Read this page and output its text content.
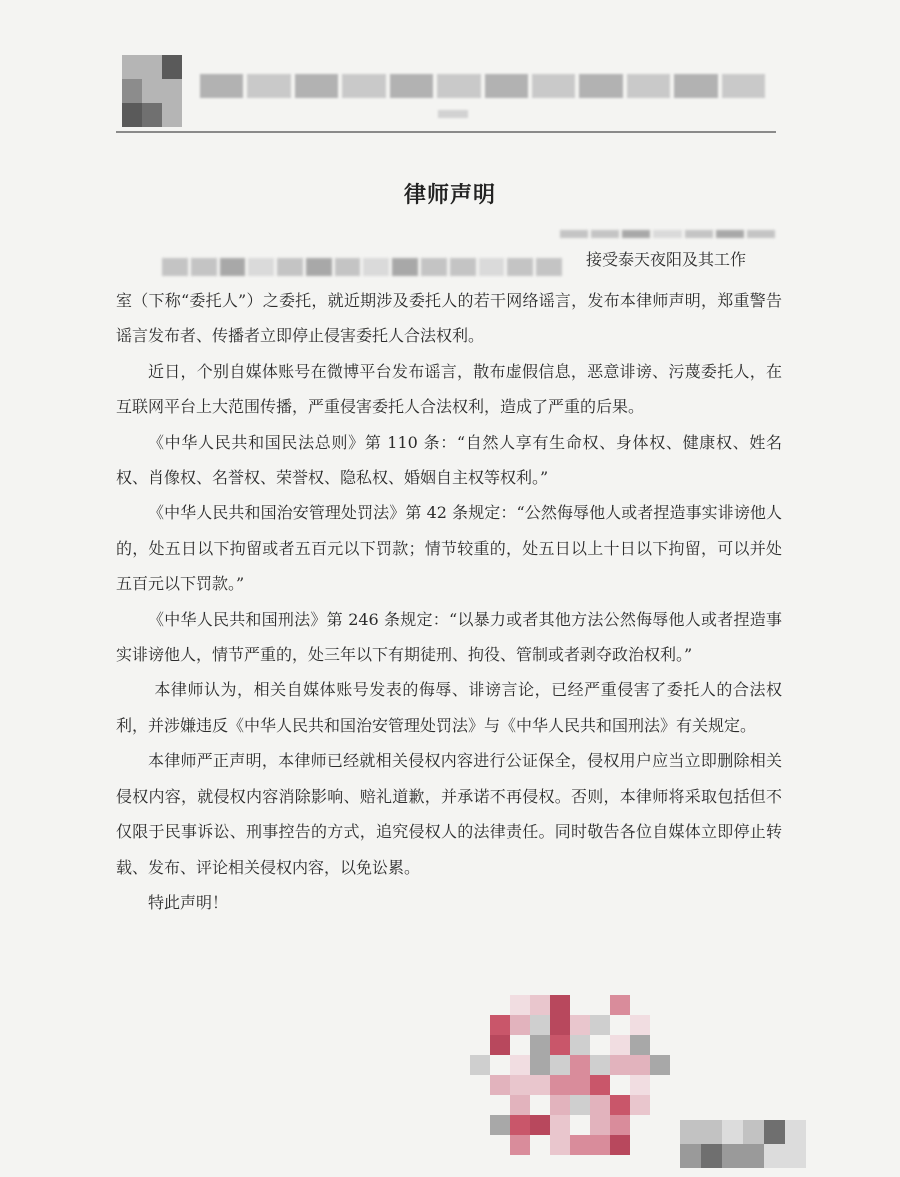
律师声明
接受泰天夜阳及其工作

室（下称“委托人”）之委托，就近期涉及委托人的若干网络谣言，发布本律师声明，郑重警告谣言发布者、传播者立即停止侵害委托人合法权利。

近日，个别自媒体账号在微博平台发布谣言，散布虚假信息，恶意诽谤、污蔑委托人，在互联网平台上大范围传播，严重侵害委托人合法权利，造成了严重的后果。

《中华人民共和国民法总则》第 110 条：“自然人享有生命权、身体权、健康权、姓名权、肖像权、名誉权、荣誉权、隐私权、婚姻自主权等权利。”

《中华人民共和国治安管理处罚法》第 42 条规定：“公然侮辱他人或者捏造事实诽谤他人的，处五日以下拘留或者五百元以下罚款；情节较重的，处五日以上十日以下拘留，可以并处五百元以下罚款。”

《中华人民共和国刑法》第 246 条规定：“以暴力或者其他方法公然侮辱他人或者捏造事实诽谤他人，情节严重的，处三年以下有期徒刑、拘役、管制或者剥夺政治权利。”

本律师认为，相关自媒体账号发表的侮辱、诽谤言论，已经严重侵害了委托人的合法权利，并涉嫌违反《中华人民共和国治安管理处罚法》与《中华人民共和国刑法》有关规定。

本律师严正声明，本律师已经就相关侵权内容进行公证保全，侵权用户应当立即删除相关侵权内容，就侵权内容消除影响、赔礼道歉，并承诺不再侵权。否则，本律师将采取包括但不仅限于民事诉讼、刑事控告的方式，追究侵权人的法律责任。同时敬告各位自媒体立即停止转载、发布、评论相关侵权内容，以免讼累。

特此声明！
